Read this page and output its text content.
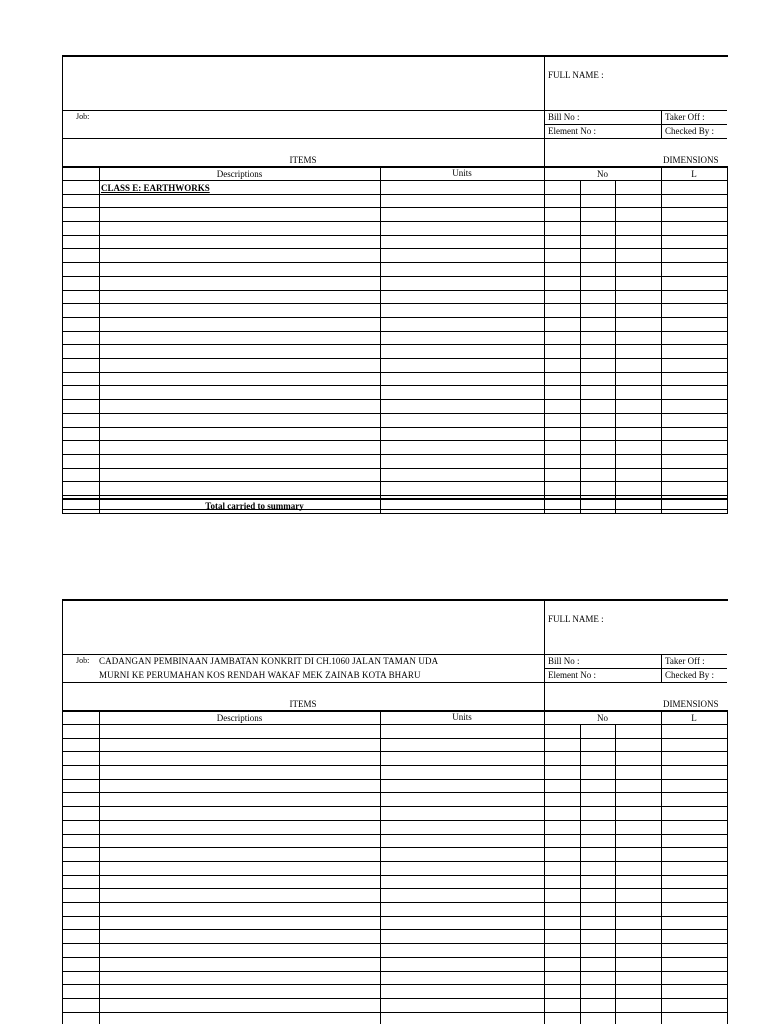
FULL NAME :
Job:	Bill No :	Taker Off :
Element No :	Checked By :
ITEMS	DIMENSIONS
Descriptions	Units	No	L
CLASS E: EARTHWORKS
Total carried to summary
FULL NAME :
Job: CADANGAN PEMBINAAN JAMBATAN KONKRIT DI CH.1060 JALAN TAMAN UDA
MURNI KE PERUMAHAN KOS RENDAH WAKAF MEK ZAINAB KOTA BHARU
Bill No :	Taker Off :
Element No :	Checked By :
ITEMS	DIMENSIONS
Descriptions	Units	No	L
